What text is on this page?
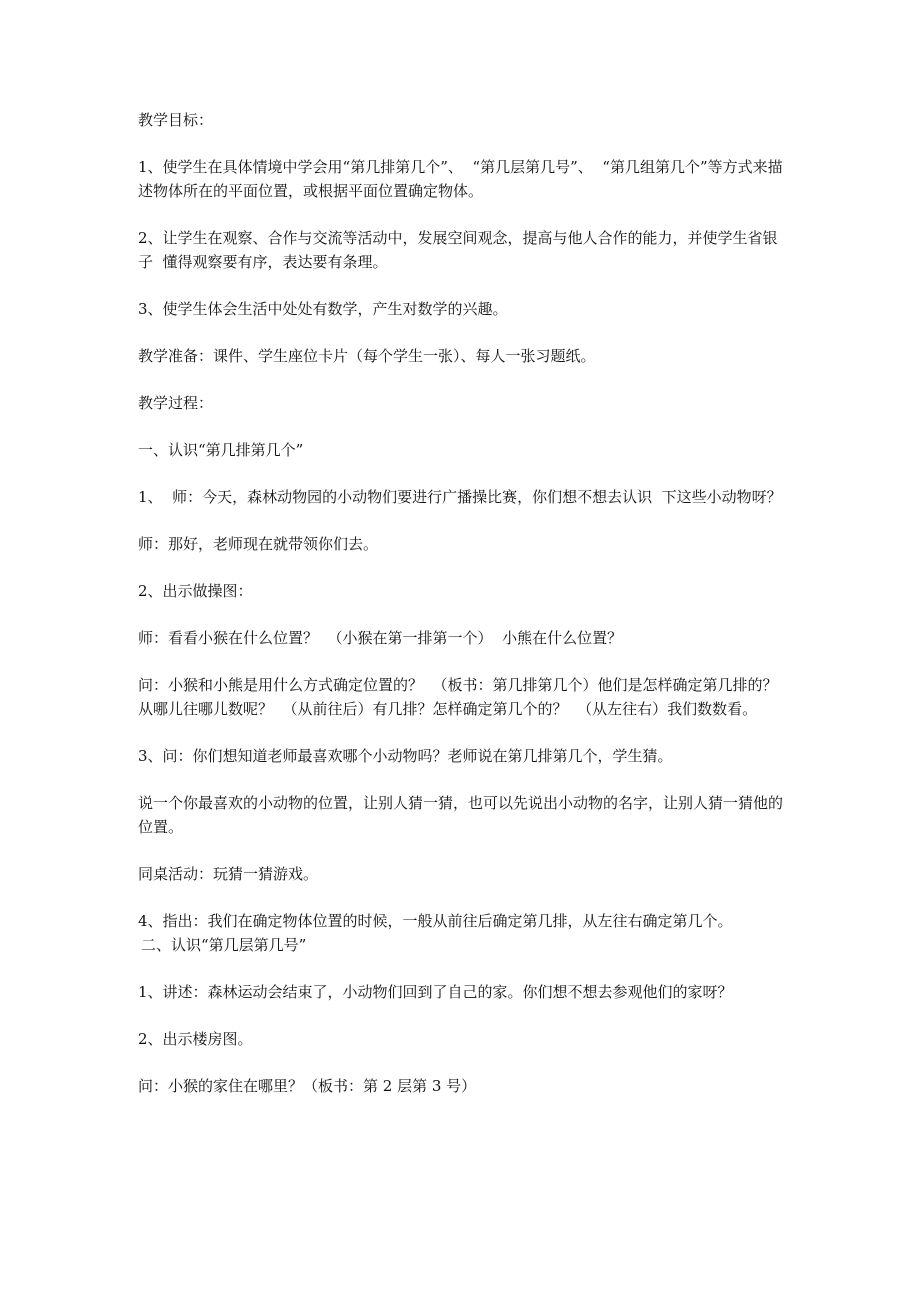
教学目标：

1、使学生在具体情境中学会用“第几排第几个”、  “第几层第几号”、  “第几组第几个”等方式来描述物体所在的平面位置，或根据平面位置确定物体。

2、让学生在观察、合作与交流等活动中，发展空间观念，提高与他人合作的能力，并使学生省银子  懂得观察要有序，表达要有条理。

3、使学生体会生活中处处有数学，产生对数学的兴趣。

教学准备：课件、学生座位卡片（每个学生一张）、每人一张习题纸。

教学过程：

一、认识“第几排第几个”

1、  师：今天，森林动物园的小动物们要进行广播操比赛，你们想不想去认识  下这些小动物呀？

师：那好，老师现在就带领你们去。

2、出示做操图：

师：看看小猴在什么位置？  （小猴在第一排第一个）  小熊在什么位置？

问：小猴和小熊是用什么方式确定位置的？  （板书：第几排第几个）他们是怎样确定第几排的？从哪儿往哪儿数呢？  （从前往后）有几排？怎样确定第几个的？  （从左往右）我们数数看。

3、问：你们想知道老师最喜欢哪个小动物吗？老师说在第几排第几个，学生猜。

说一个你最喜欢的小动物的位置，让别人猜一猜，也可以先说出小动物的名字，让别人猜一猜他的位置。

同桌活动：玩猜一猜游戏。

4、指出：我们在确定物体位置的时候，一般从前往后确定第几排，从左往右确定第几个。

二、认识“第几层第几号”

1、讲述：森林运动会结束了，小动物们回到了自己的家。你们想不想去参观他们的家呀？

2、出示楼房图。

问：小猴的家住在哪里？（板书：第 2 层第 3 号）
